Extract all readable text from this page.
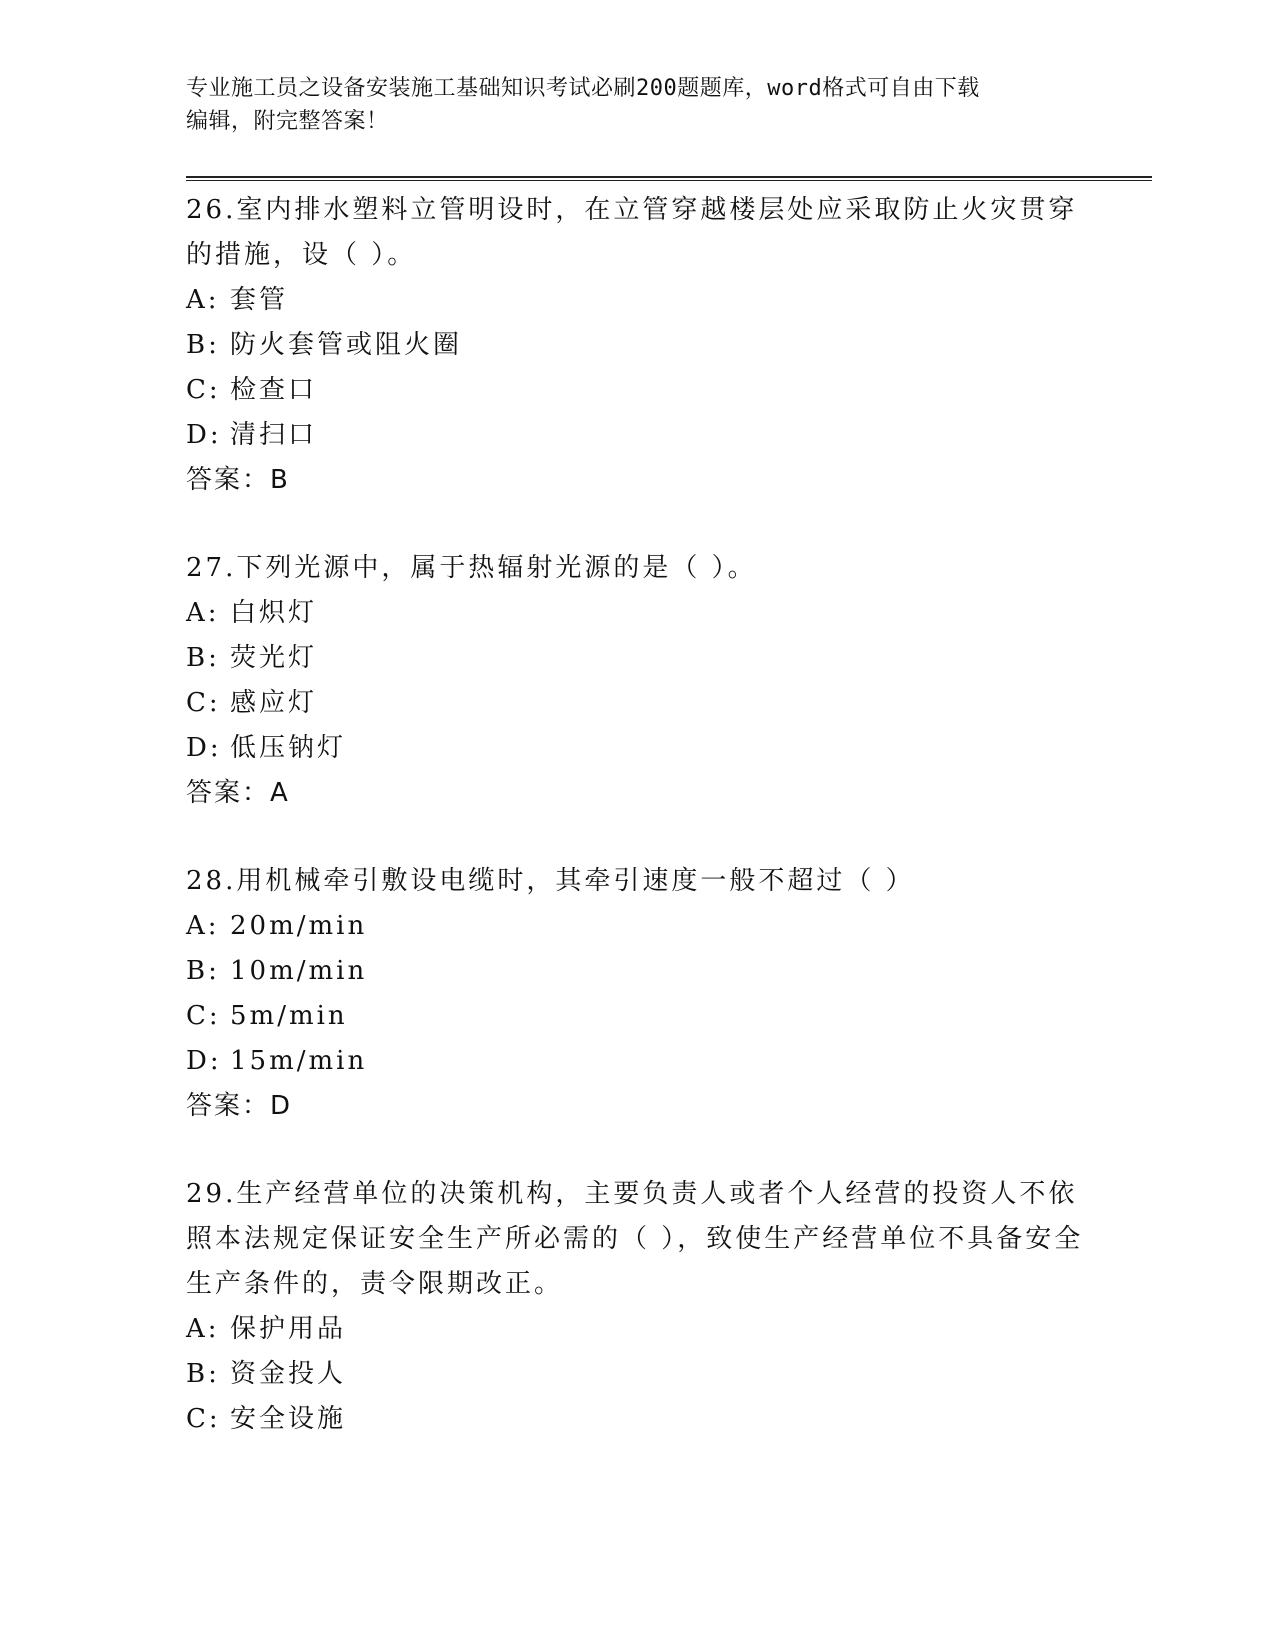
专业施工员之设备安装施工基础知识考试必刷200题题库，word格式可自由下载
编辑，附完整答案！
26.室内排水塑料立管明设时，在立管穿越楼层处应采取防止火灾贯穿的措施，设（ ）。
A: 套管
B: 防火套管或阻火圈
C: 检查口
D: 清扫口
答案：B
27.下列光源中，属于热辐射光源的是（ ）。
A: 白炽灯
B: 荧光灯
C: 感应灯
D: 低压钠灯
答案：A
28.用机械牵引敷设电缆时，其牵引速度一般不超过（ ）
A: 20m/min
B: 10m/min
C: 5m/min
D: 15m/min
答案：D
29.生产经营单位的决策机构，主要负责人或者个人经营的投资人不依照本法规定保证安全生产所必需的（ ），致使生产经营单位不具备安全生产条件的，责令限期改正。
A: 保护用品
B: 资金投人
C: 安全设施
